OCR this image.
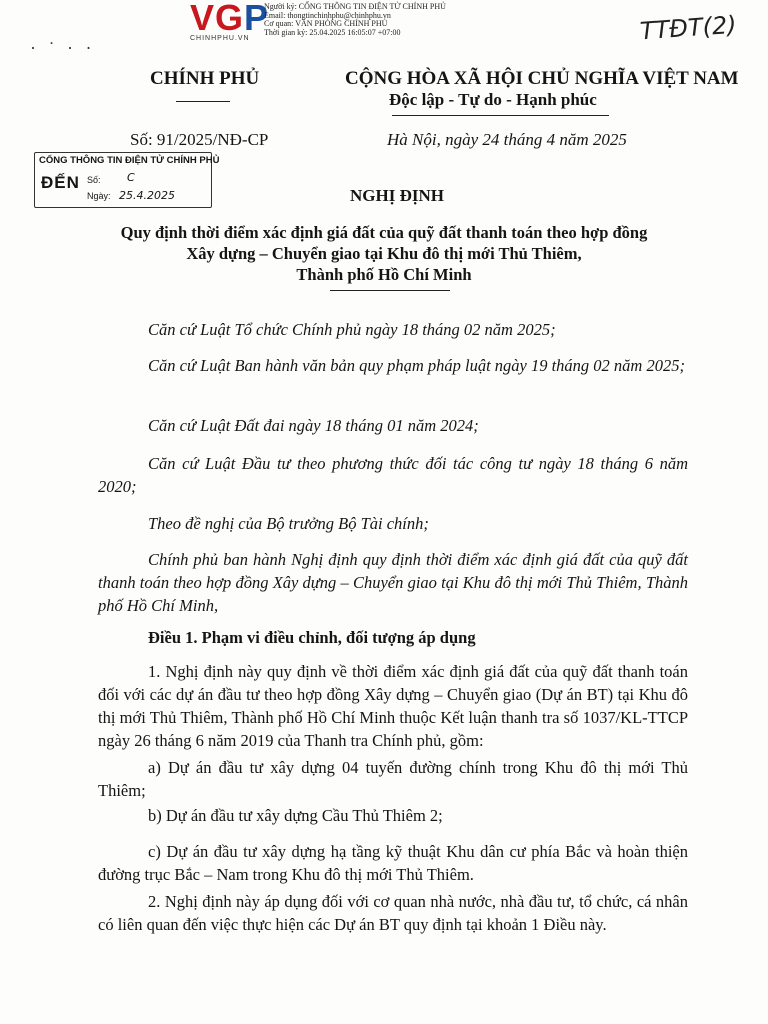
VGP
CHINHPHU.VN
Người ký: CỔNG THÔNG TIN ĐIỆN TỬ CHÍNH PHỦ
Email: thongtinchinhphu@chinhphu.vn
Cơ quan: VĂN PHÒNG CHÍNH PHỦ
Thời gian ký: 25.04.2025 16:05:07 +07:00
· ˙ · ·
TTĐT(2)
CHÍNH PHỦ	CỘNG HÒA XÃ HỘI CHỦ NGHĨA VIỆT NAM
Độc lập - Tự do - Hạnh phúc
Số: 91/2025/NĐ-CP	Hà Nội, ngày 24 tháng 4 năm 2025
CỔNG THÔNG TIN ĐIỆN TỬ CHÍNH PHỦ
ĐẾN Số: C
Ngày: 25.4.2025	NGHỊ ĐỊNH
Quy định thời điểm xác định giá đất của quỹ đất thanh toán theo hợp đồng
Xây dựng – Chuyển giao tại Khu đô thị mới Thủ Thiêm,
Thành phố Hồ Chí Minh
Căn cứ Luật Tổ chức Chính phủ ngày 18 tháng 02 năm 2025;
Căn cứ Luật Ban hành văn bản quy phạm pháp luật ngày 19 tháng 02 năm 2025;
Căn cứ Luật Đất đai ngày 18 tháng 01 năm 2024;
Căn cứ Luật Đầu tư theo phương thức đối tác công tư ngày 18 tháng 6 năm 2020;
Theo đề nghị của Bộ trưởng Bộ Tài chính;
Chính phủ ban hành Nghị định quy định thời điểm xác định giá đất của quỹ đất thanh toán theo hợp đồng Xây dựng – Chuyển giao tại Khu đô thị mới Thủ Thiêm, Thành phố Hồ Chí Minh,
Điều 1. Phạm vi điều chỉnh, đối tượng áp dụng
1. Nghị định này quy định về thời điểm xác định giá đất của quỹ đất thanh toán đối với các dự án đầu tư theo hợp đồng Xây dựng – Chuyển giao (Dự án BT) tại Khu đô thị mới Thủ Thiêm, Thành phố Hồ Chí Minh thuộc Kết luận thanh tra số 1037/KL-TTCP ngày 26 tháng 6 năm 2019 của Thanh tra Chính phủ, gồm:
a) Dự án đầu tư xây dựng 04 tuyến đường chính trong Khu đô thị mới Thủ Thiêm;
b) Dự án đầu tư xây dựng Cầu Thủ Thiêm 2;
c) Dự án đầu tư xây dựng hạ tầng kỹ thuật Khu dân cư phía Bắc và hoàn thiện đường trục Bắc – Nam trong Khu đô thị mới Thủ Thiêm.
2. Nghị định này áp dụng đối với cơ quan nhà nước, nhà đầu tư, tổ chức, cá nhân có liên quan đến việc thực hiện các Dự án BT quy định tại khoản 1 Điều này.
